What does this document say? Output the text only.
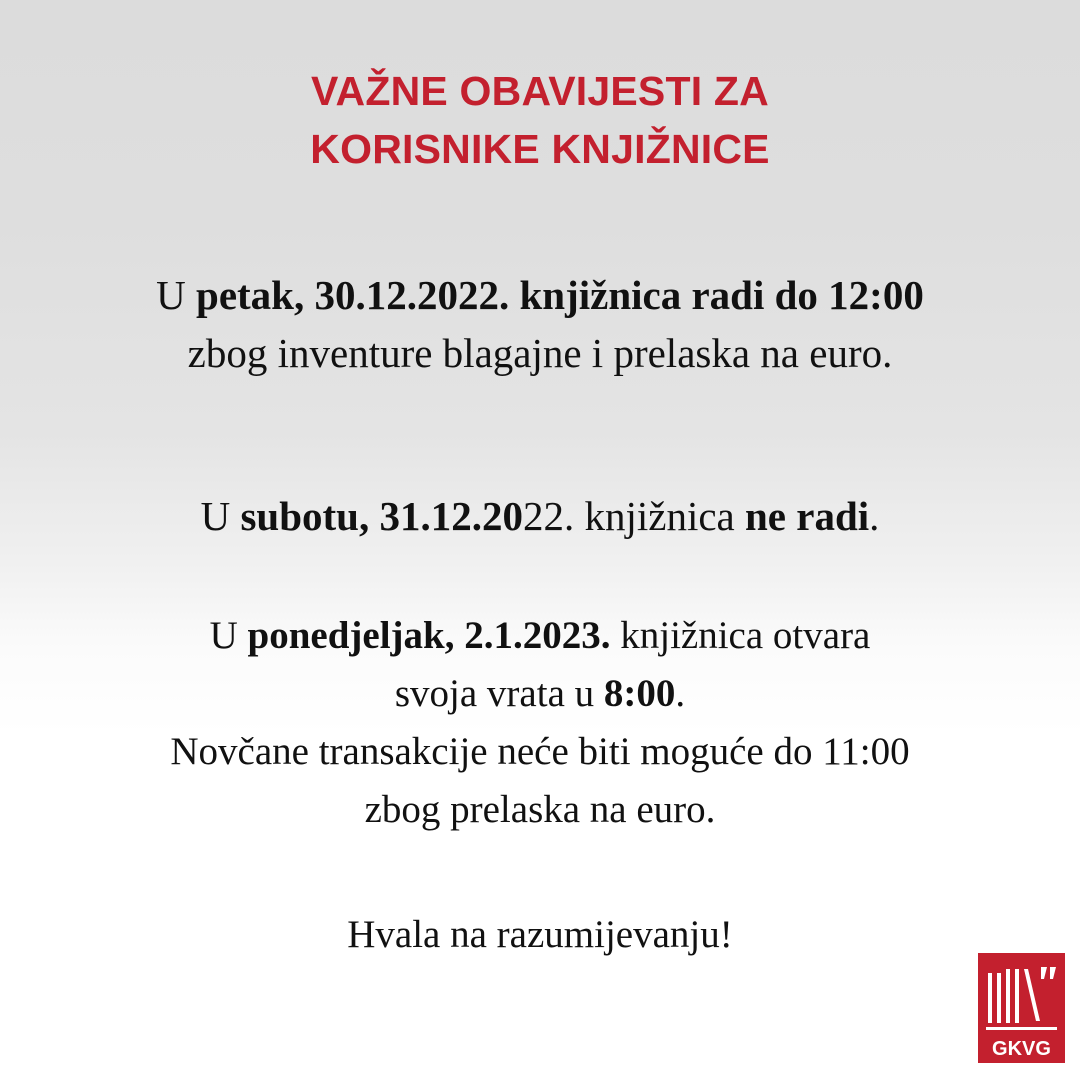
VAŽNE OBAVIJESTI ZA
KORISNIKE KNJIŽNICE
U petak, 30.12.2022. knjižnica radi do 12:00
zbog inventure blagajne i prelaska na euro.
U subotu, 31.12.2022. knjižnica ne radi.
U ponedjeljak, 2.1.2023. knjižnica otvara
svoja vrata u 8:00.
Novčane transakcije neće biti moguće do 11:00
zbog prelaska na euro.
Hvala na razumijevanju!
GKVG
